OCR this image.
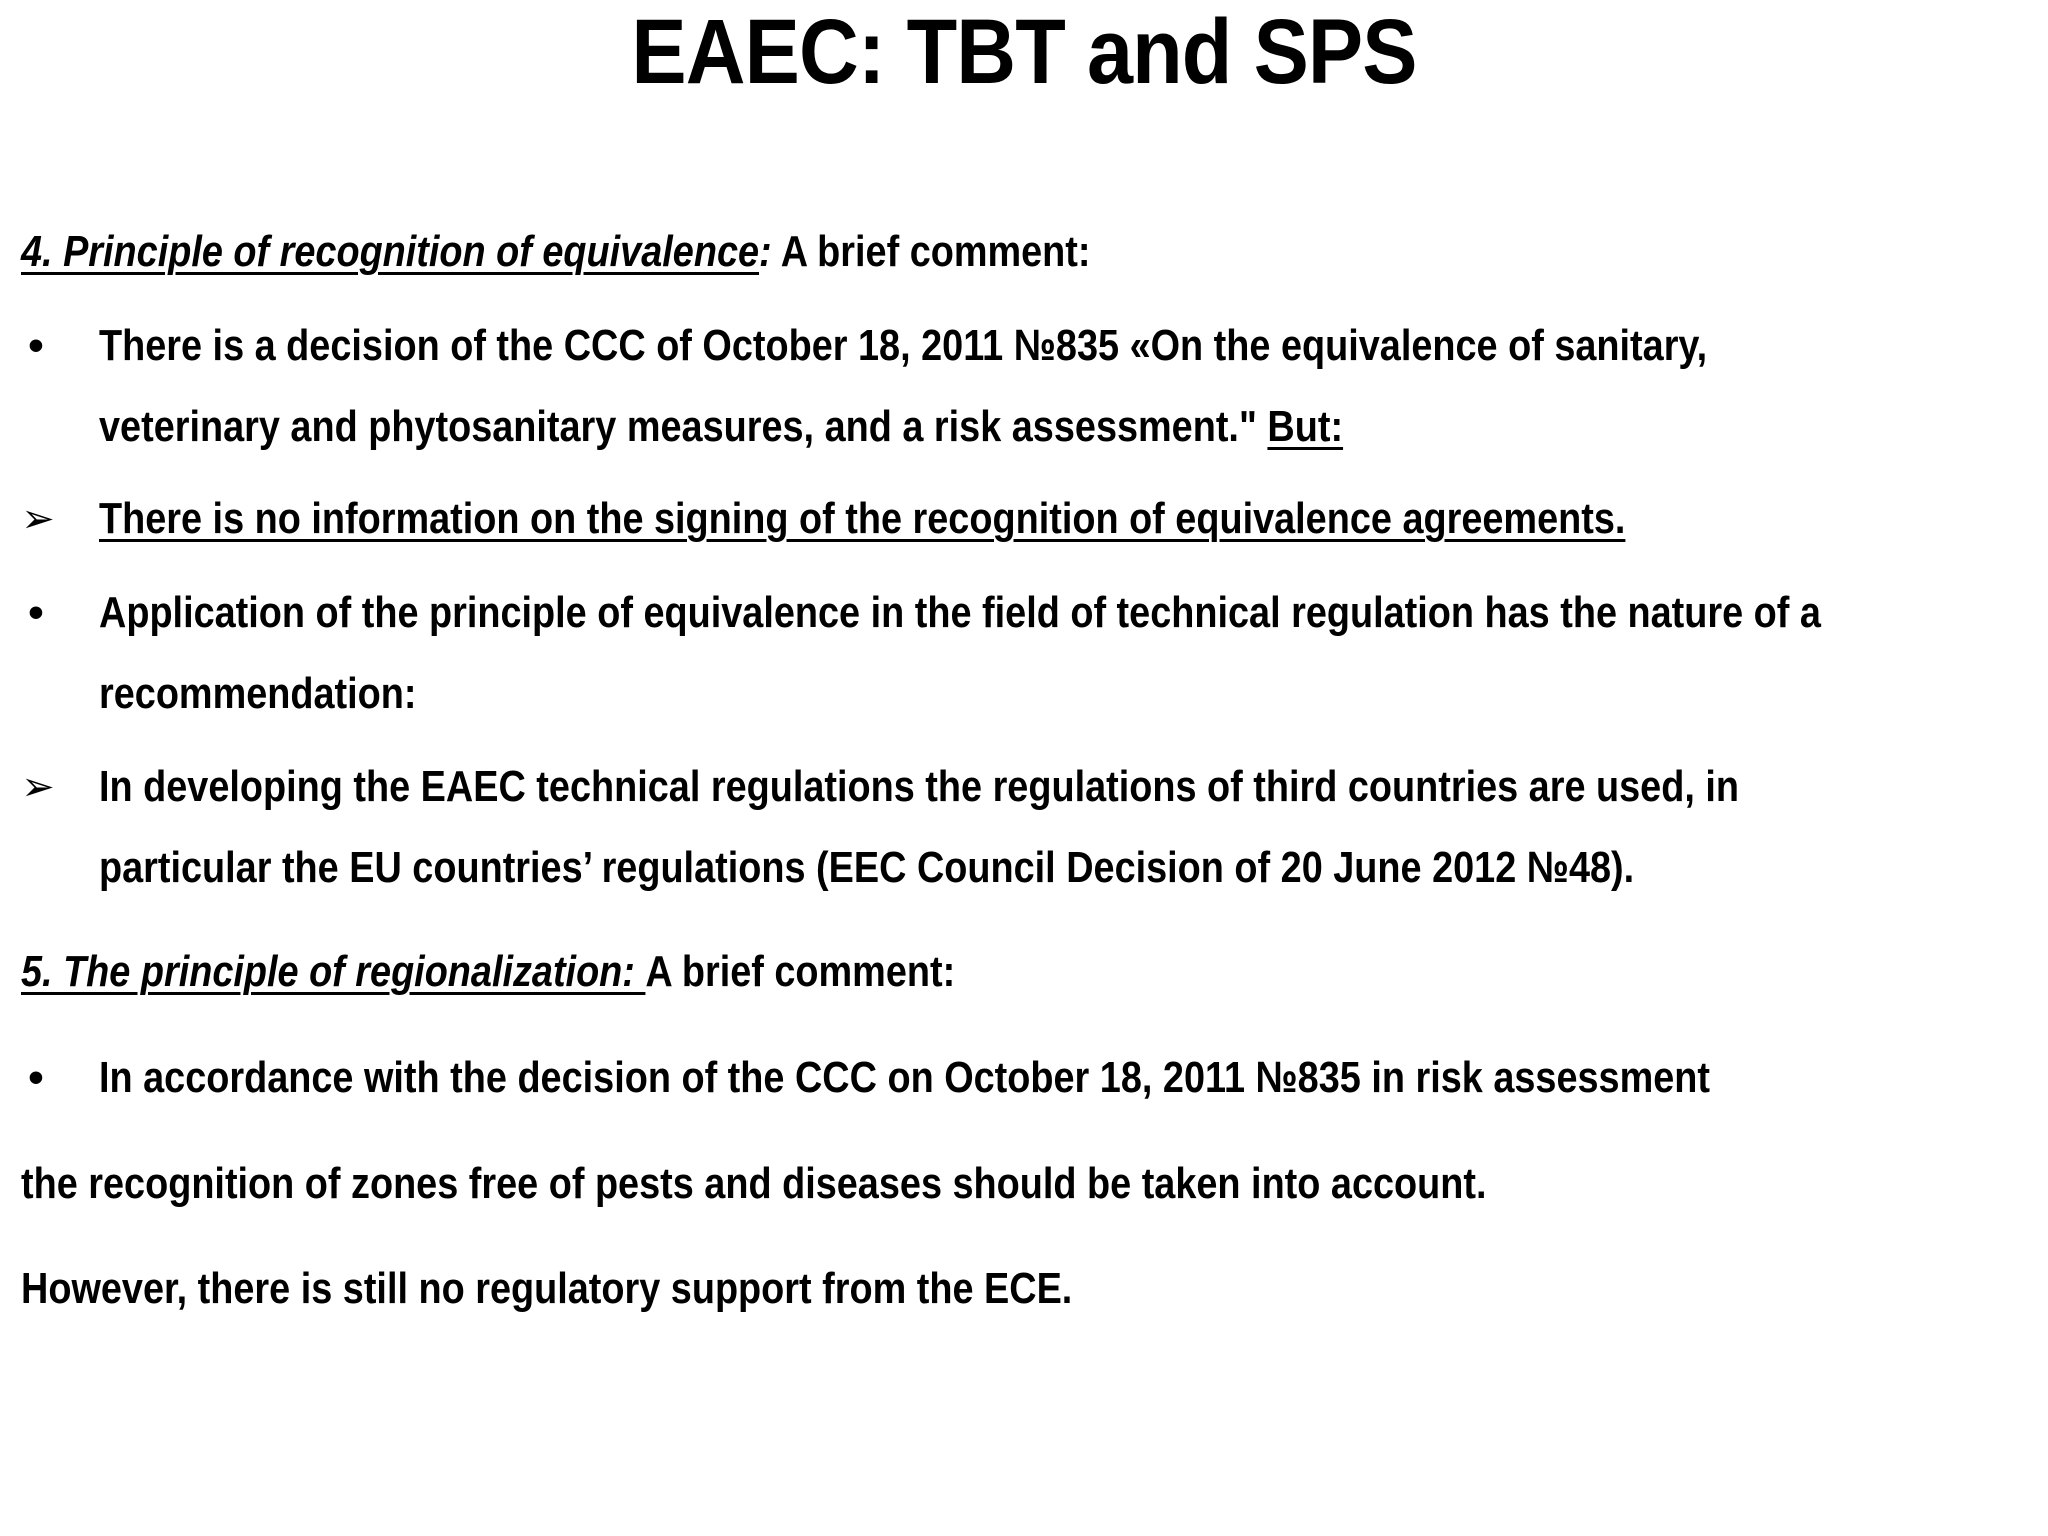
EAEC: TBT and SPS
4. Principle of recognition of equivalence: A brief comment:
• There is a decision of the CCC of October 18, 2011 №835 «On the equivalence of sanitary,
veterinary and phytosanitary measures, and a risk assessment." But:
➢ There is no information on the signing of the recognition of equivalence agreements.
• Application of the principle of equivalence in the field of technical regulation has the nature of a
recommendation:
➢ In developing the EAEC technical regulations the regulations of third countries are used, in
particular the EU countries’ regulations (EEC Council Decision of 20 June 2012 №48).
5. The principle of regionalization: A brief comment:
• In accordance with the decision of the CCC on October 18, 2011 №835 in risk assessment
the recognition of zones free of pests and diseases should be taken into account.
However, there is still no regulatory support from the ECE.
